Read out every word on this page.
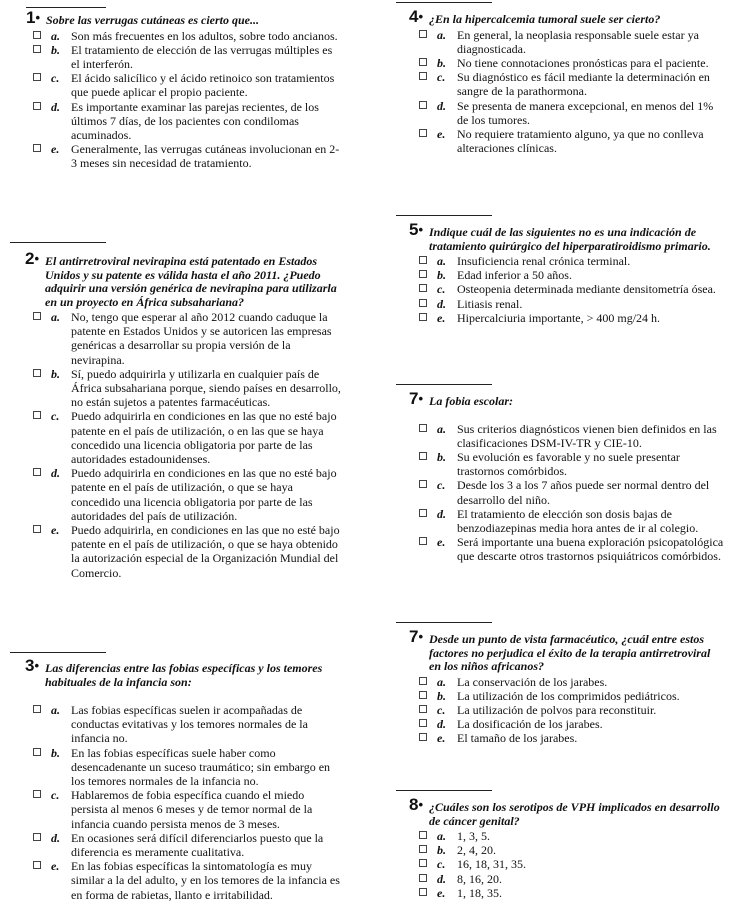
1 • Sobre las verrugas cutáneas es cierto que...
a. Son más frecuentes en los adultos, sobre todo ancianos.
b. El tratamiento de elección de las verrugas múltiples es el interferón.
c. El ácido salicílico y el ácido retinoico son tratamientos que puede aplicar el propio paciente.
d. Es importante examinar las parejas recientes, de los últimos 7 días, de los pacientes con condilomas acuminados.
e. Generalmente, las verrugas cutáneas involucionan en 2-3 meses sin necesidad de tratamiento.
2 • El antirretroviral nevirapina está patentado en Estados Unidos y su patente es válida hasta el año 2011. ¿Puedo adquirir una versión genérica de nevirapina para utilizarla en un proyecto en África subsahariana?
a. No, tengo que esperar al año 2012 cuando caduque la patente en Estados Unidos y se autoricen las empresas genéricas a desarrollar su propia versión de la nevirapina.
b. Sí, puedo adquirirla y utilizarla en cualquier país de África subsahariana porque, siendo países en desarrollo, no están sujetos a patentes farmacéuticas.
c. Puedo adquirirla en condiciones en las que no esté bajo patente en el país de utilización, o en las que se haya concedido una licencia obligatoria por parte de las autoridades estadounidenses.
d. Puedo adquirirla en condiciones en las que no esté bajo patente en el país de utilización, o que se haya concedido una licencia obligatoria por parte de las autoridades del país de utilización.
e. Puedo adquirirla, en condiciones en las que no esté bajo patente en el país de utilización, o que se haya obtenido la autorización especial de la Organización Mundial del Comercio.
3 • Las diferencias entre las fobias específicas y los temores habituales de la infancia son:
a. Las fobias específicas suelen ir acompañadas de conductas evitativas y los temores normales de la infancia no.
b. En las fobias específicas suele haber como desencadenante un suceso traumático; sin embargo en los temores normales de la infancia no.
c. Hablaremos de fobia específica cuando el miedo persista al menos 6 meses y de temor normal de la infancia cuando persista menos de 3 meses.
d. En ocasiones será difícil diferenciarlos puesto que la diferencia es meramente cualitativa.
e. En las fobias específicas la sintomatología es muy similar a la del adulto, y en los temores de la infancia es en forma de rabietas, llanto e irritabilidad.
4 • ¿En la hipercalcemia tumoral suele ser cierto?
a. En general, la neoplasia responsable suele estar ya diagnosticada.
b. No tiene connotaciones pronósticas para el paciente.
c. Su diagnóstico es fácil mediante la determinación en sangre de la parathormona.
d. Se presenta de manera excepcional, en menos del 1% de los tumores.
e. No requiere tratamiento alguno, ya que no conlleva alteraciones clínicas.
5 • Indique cuál de las siguientes no es una indicación de tratamiento quirúrgico del hiperparatiroidismo primario.
a. Insuficiencia renal crónica terminal.
b. Edad inferior a 50 años.
c. Osteopenia determinada mediante densitometría ósea.
d. Litiasis renal.
e. Hipercalciuria importante, > 400 mg/24 h.
7 • La fobia escolar:
a. Sus criterios diagnósticos vienen bien definidos en las clasificaciones DSM-IV-TR y CIE-10.
b. Su evolución es favorable y no suele presentar trastornos comórbidos.
c. Desde los 3 a los 7 años puede ser normal dentro del desarrollo del niño.
d. El tratamiento de elección son dosis bajas de benzodiazepinas media hora antes de ir al colegio.
e. Será importante una buena exploración psicopatológica que descarte otros trastornos psiquiátricos comórbidos.
7 • Desde un punto de vista farmacéutico, ¿cuál entre estos factores no perjudica el éxito de la terapia antirretroviral en los niños africanos?
a. La conservación de los jarabes.
b. La utilización de los comprimidos pediátricos.
c. La utilización de polvos para reconstituir.
d. La dosificación de los jarabes.
e. El tamaño de los jarabes.
8 • ¿Cuáles son los serotipos de VPH implicados en desarrollo de cáncer genital?
a. 1, 3, 5.
b. 2, 4, 20.
c. 16, 18, 31, 35.
d. 8, 16, 20.
e. 1, 18, 35.
